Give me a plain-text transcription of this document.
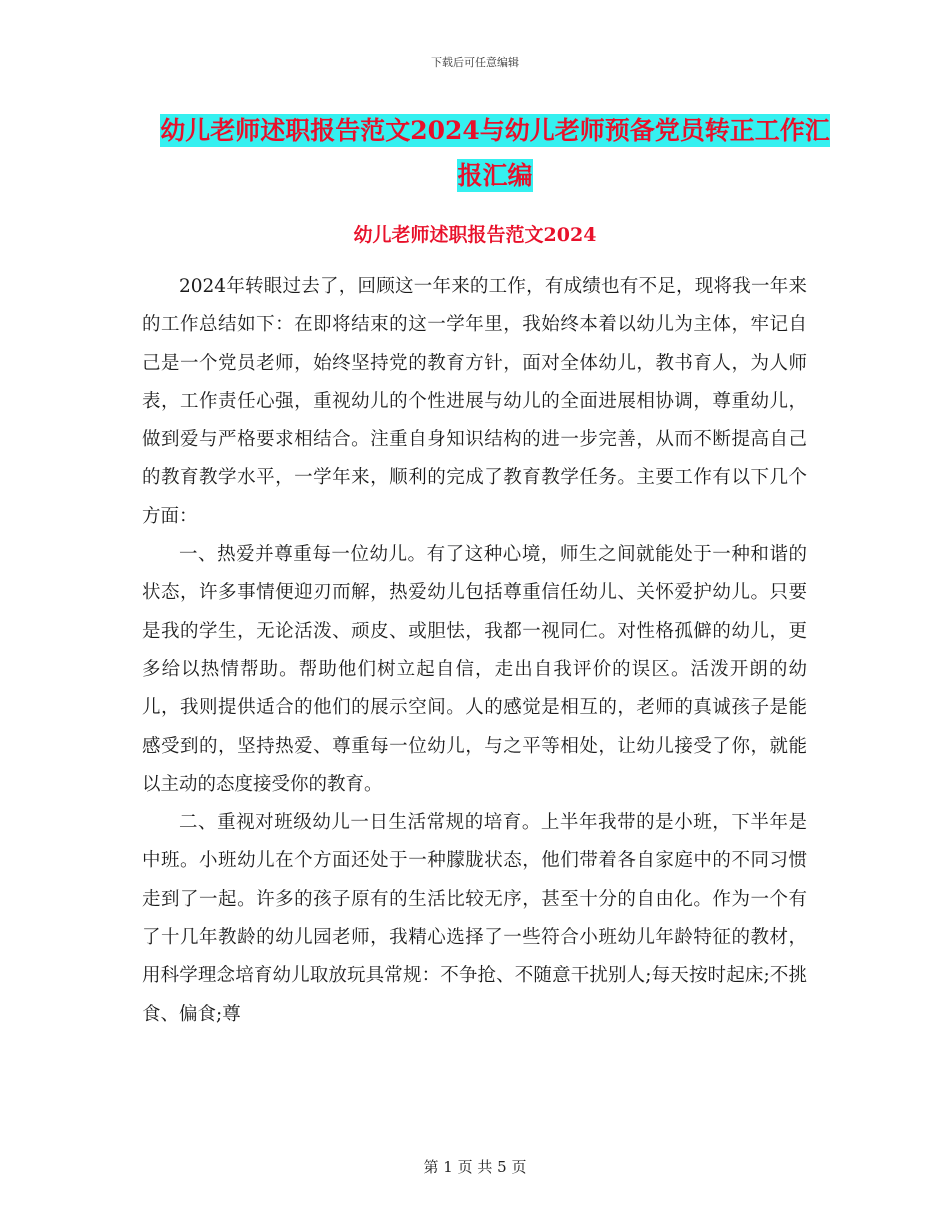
下载后可任意编辑
幼儿老师述职报告范文2024与幼儿老师预备党员转正工作汇报汇编
幼儿老师述职报告范文2024

2024年转眼过去了，回顾这一年来的工作，有成绩也有不足，现将我一年来的工作总结如下：在即将结束的这一学年里，我始终本着以幼儿为主体，牢记自己是一个党员老师，始终坚持党的教育方针，面对全体幼儿，教书育人，为人师表，工作责任心强，重视幼儿的个性进展与幼儿的全面进展相协调，尊重幼儿，做到爱与严格要求相结合。注重自身知识结构的进一步完善，从而不断提高自己的教育教学水平，一学年来，顺利的完成了教育教学任务。主要工作有以下几个方面：

一、热爱并尊重每一位幼儿。有了这种心境，师生之间就能处于一种和谐的状态，许多事情便迎刃而解，热爱幼儿包括尊重信任幼儿、关怀爱护幼儿。只要是我的学生，无论活泼、顽皮、或胆怯，我都一视同仁。对性格孤僻的幼儿，更多给以热情帮助。帮助他们树立起自信，走出自我评价的误区。活泼开朗的幼儿，我则提供适合的他们的展示空间。人的感觉是相互的，老师的真诚孩子是能感受到的，坚持热爱、尊重每一位幼儿，与之平等相处，让幼儿接受了你，就能以主动的态度接受你的教育。

二、重视对班级幼儿一日生活常规的培育。上半年我带的是小班，下半年是中班。小班幼儿在个方面还处于一种朦胧状态，他们带着各自家庭中的不同习惯走到了一起。许多的孩子原有的生活比较无序，甚至十分的自由化。作为一个有了十几年教龄的幼儿园老师，我精心选择了一些符合小班幼儿年龄特征的教材，用科学理念培育幼儿取放玩具常规：不争抢、不随意干扰别人;每天按时起床;不挑食、偏食;尊

第 1 页 共 5 页
